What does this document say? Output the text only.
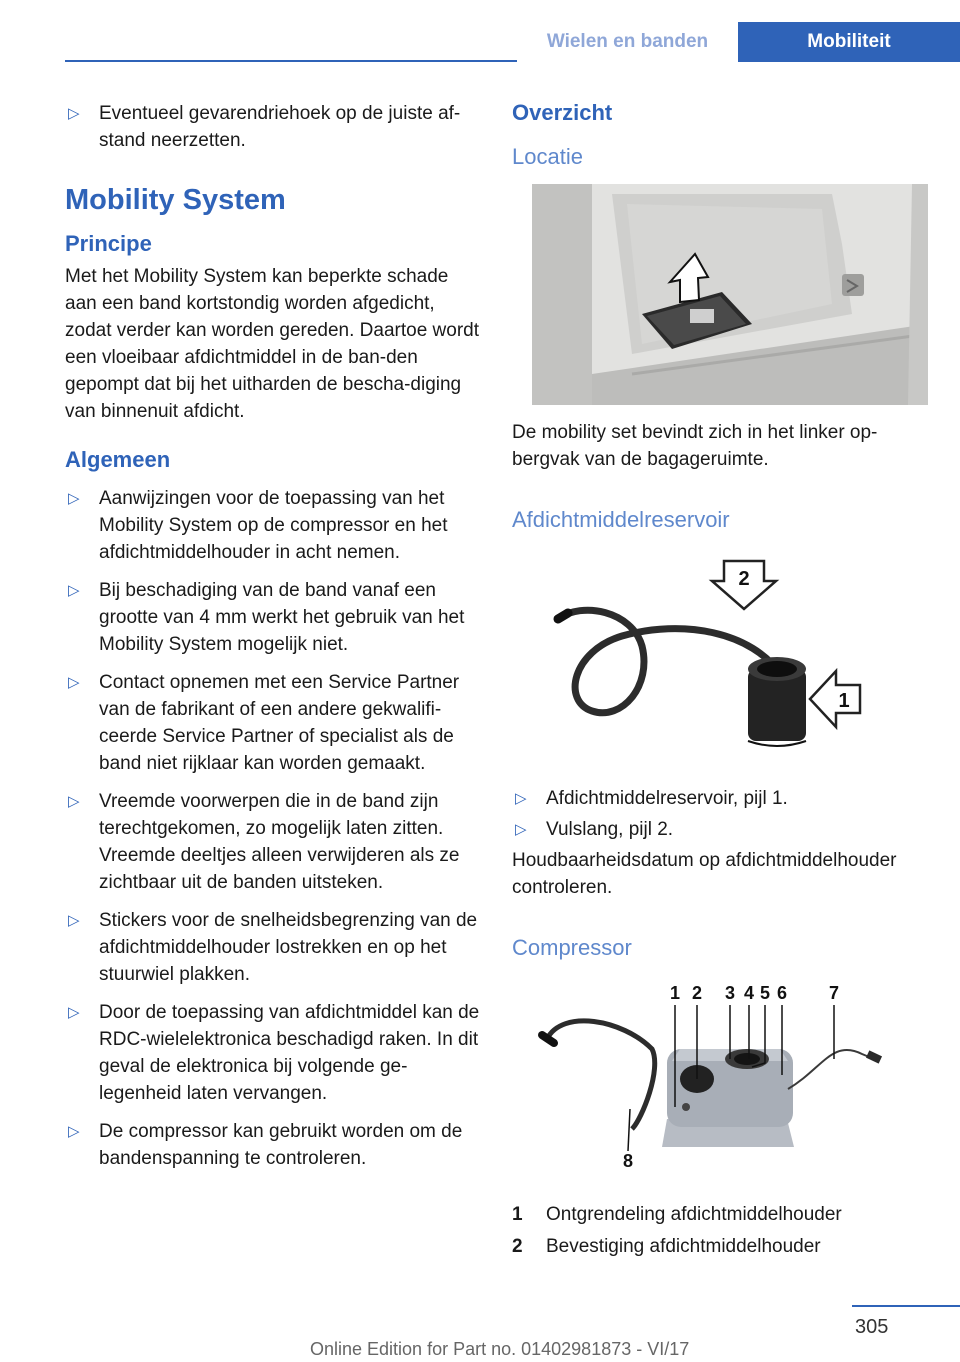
Wielen en banden	Mobiliteit
▷ Eventueel gevarendriehoek op de juiste af‐stand neerzetten.
Mobility System
Principe

Met het Mobility System kan beperkte schade aan een band kortstondig worden afgedicht, zodat verder kan worden gereden. Daartoe wordt een vloeibaar afdichtmiddel in de ban‐den gepompt dat bij het uitharden de bescha‐diging van binnenuit afdicht.

Algemeen
▷ Aanwijzingen voor de toepassing van het Mobility System op de compressor en het afdichtmiddelhouder in acht nemen.
▷ Bij beschadiging van de band vanaf een grootte van 4 mm werkt het gebruik van het Mobility System mogelijk niet.
▷ Contact opnemen met een Service Partner van de fabrikant of een andere gekwalifi‐ceerde Service Partner of specialist als de band niet rijklaar kan worden gemaakt.
▷ Vreemde voorwerpen die in de band zijn terechtgekomen, zo mogelijk laten zitten. Vreemde deeltjes alleen verwijderen als ze zichtbaar uit de banden uitsteken.
▷ Stickers voor de snelheidsbegrenzing van de afdichtmiddelhouder lostrekken en op het stuurwiel plakken.
▷ Door de toepassing van afdichtmiddel kan de RDC-wielelektronica beschadigd raken. In dit geval de elektronica bij volgende ge‐legenheid laten vervangen.
▷ De compressor kan gebruikt worden om de bandenspanning te controleren.
Overzicht
Locatie

De mobility set bevindt zich in het linker op‐bergvak van de bagageruimte.

Afdichtmiddelreservoir
2
1
▷ Afdichtmiddelreservoir, pijl 1.
▷ Vulslang, pijl 2.

Houdbaarheidsdatum op afdichtmiddelhouder controleren.

Compressor
1 2 3 4 5 6 7
8
1 Ontgrendeling afdichtmiddelhouder
2 Bevestiging afdichtmiddelhouder
305
Online Edition for Part no. 01402981873 - VI/17
